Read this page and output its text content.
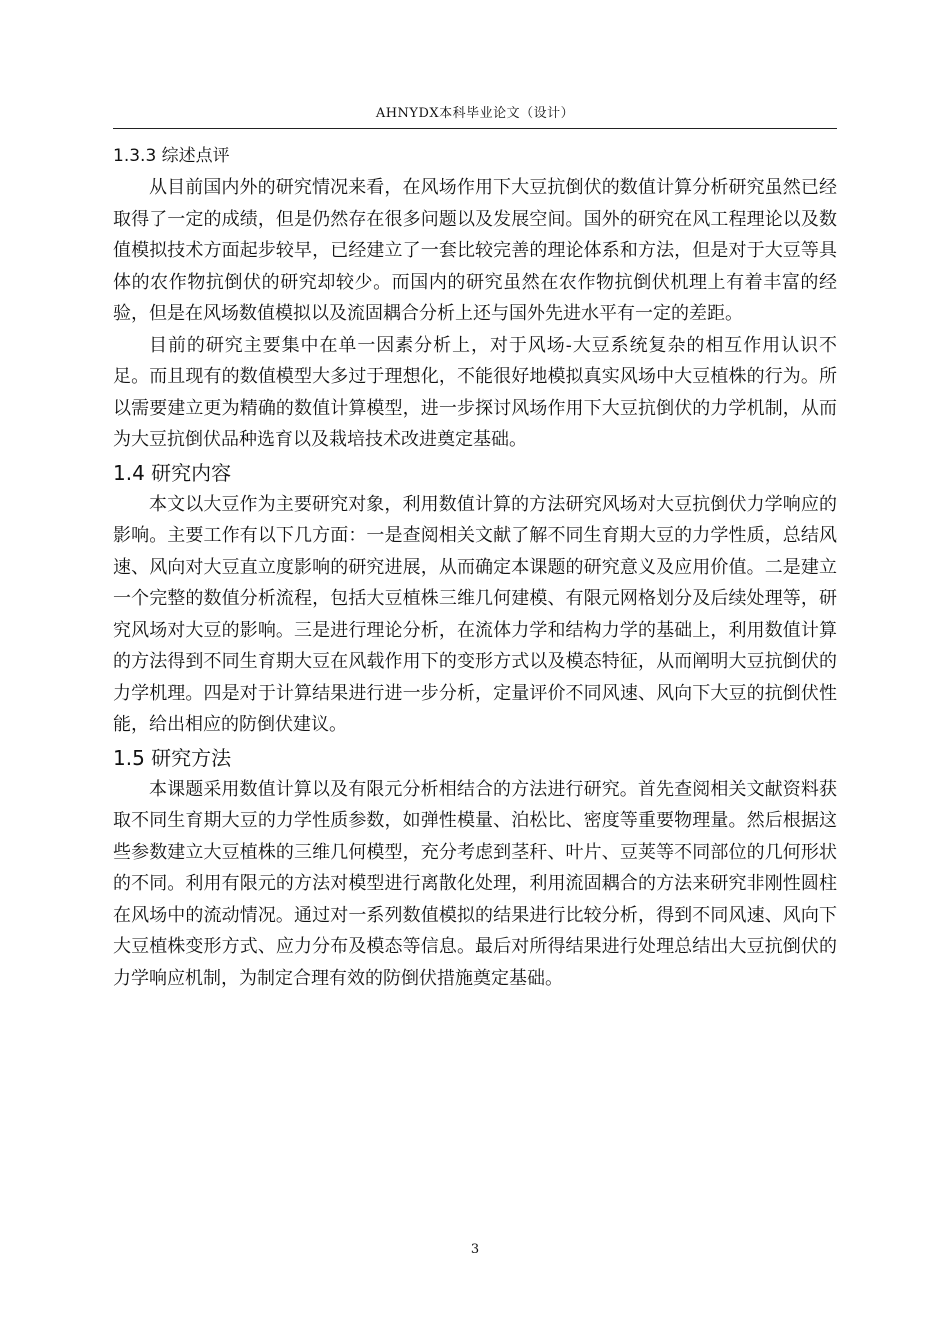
AHNYDX本科毕业论文（设计）
1.3.3 综述点评

从目前国内外的研究情况来看，在风场作用下大豆抗倒伏的数值计算分析研究虽然已经取得了一定的成绩，但是仍然存在很多问题以及发展空间。国外的研究在风工程理论以及数值模拟技术方面起步较早，已经建立了一套比较完善的理论体系和方法，但是对于大豆等具体的农作物抗倒伏的研究却较少。而国内的研究虽然在农作物抗倒伏机理上有着丰富的经验，但是在风场数值模拟以及流固耦合分析上还与国外先进水平有一定的差距。

目前的研究主要集中在单一因素分析上，对于风场-大豆系统复杂的相互作用认识不足。而且现有的数值模型大多过于理想化，不能很好地模拟真实风场中大豆植株的行为。所以需要建立更为精确的数值计算模型，进一步探讨风场作用下大豆抗倒伏的力学机制，从而为大豆抗倒伏品种选育以及栽培技术改进奠定基础。

1.4 研究内容

本文以大豆作为主要研究对象，利用数值计算的方法研究风场对大豆抗倒伏力学响应的影响。主要工作有以下几方面：一是查阅相关文献了解不同生育期大豆的力学性质，总结风速、风向对大豆直立度影响的研究进展，从而确定本课题的研究意义及应用价值。二是建立一个完整的数值分析流程，包括大豆植株三维几何建模、有限元网格划分及后续处理等，研究风场对大豆的影响。三是进行理论分析，在流体力学和结构力学的基础上，利用数值计算的方法得到不同生育期大豆在风载作用下的变形方式以及模态特征，从而阐明大豆抗倒伏的力学机理。四是对于计算结果进行进一步分析，定量评价不同风速、风向下大豆的抗倒伏性能，给出相应的防倒伏建议。

1.5 研究方法

本课题采用数值计算以及有限元分析相结合的方法进行研究。首先查阅相关文献资料获取不同生育期大豆的力学性质参数，如弹性模量、泊松比、密度等重要物理量。然后根据这些参数建立大豆植株的三维几何模型，充分考虑到茎秆、叶片、豆荚等不同部位的几何形状的不同。利用有限元的方法对模型进行离散化处理，利用流固耦合的方法来研究非刚性圆柱在风场中的流动情况。通过对一系列数值模拟的结果进行比较分析，得到不同风速、风向下大豆植株变形方式、应力分布及模态等信息。最后对所得结果进行处理总结出大豆抗倒伏的力学响应机制，为制定合理有效的防倒伏措施奠定基础。

3
